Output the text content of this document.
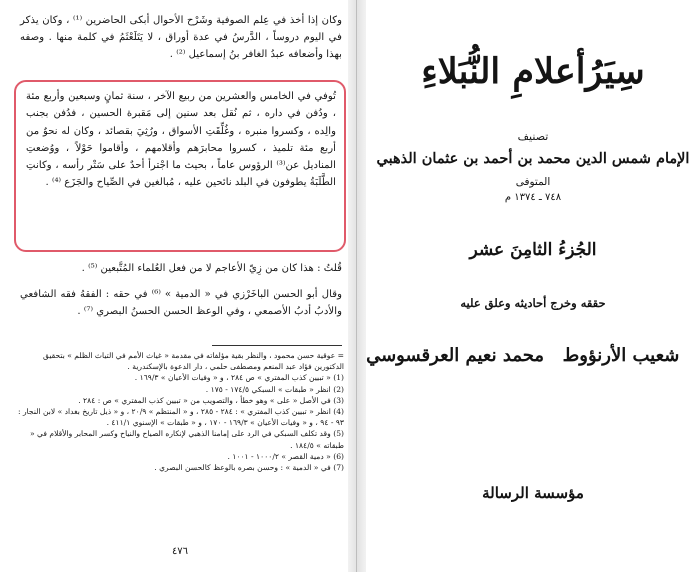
وكان إذا أخذ في عِلم الصوفية وشَرْح الأحوال أبكى الحاضرين ⁽¹⁾ ، وكان يذكر في اليوم دروساً ، الدَّرسُ في عدة أوراق ، لا يَتَلَعْثَمُ في كلمة منها . وصفه بهذا وأضعافه عبدُ الغافر بنُ إسماعيل ⁽²⁾ .
تُوفي في الخامس والعشرين من ربيع الآخر ، سنة ثمانٍ وسبعين وأربع مئة ، ودُفن في داره ، ثم نُقل بعد سنين إلى مَقبرة الحسين ، فدُفن بجنب والِده ، وكسروا منبره ، وغُلِّقَتِ الأسواق ، ورُثِيَ بقصائد ، وكان له نحوٌ من أربع مئة تلميذ ، كسروا محابرَهم وأقلامهم ، وأقاموا حَوْلاً ، ووُضعتِ المناديل عن⁽³⁾ الرؤوس عاماً ، بحيث ما اجْترأ أحدٌ على سَتْر رأسه ، وكانتِ الطَّلَبَةُ يطوفون في البلد نائحين عليه ، مُبالغين في الصِّياح والجَزَع ⁽⁴⁾ .
قُلتُ : هذا كان من زِيّ الأعاجم لا من فعل العُلماء المُتَّبعين ⁽⁵⁾ .
وقال أبو الحسن الباخَرْزي في « الدمية » ⁽⁶⁾ في حقه : الفقهُ فقه الشافعي والأدبُ أدبُ الأصمعي ، وفي الوعظ الحسن الحسنُ البصري ⁽⁷⁾ .
= عوقية حسن محمود ، والنظر بقية مؤلفاته في مقدمة « غياث الأمم في التياث الظلم » بتحقيق الدكتورين فؤاد عبد المنعم ومصطفى حلمي ، دار الدعوة بالإسكندرية .
(1) « تبيين كذب المفتري » ص ٢٨٤ ، و « وفيات الأعيان » ١٦٩/٣ .
(2) انظر « طبقات » السبكي ١٧٤/٥ - ١٧٥ .
(3) في الأصل « على » وهو خطأ ، والتصويب من « تبيين كذب المفتري » ص : ٢٨٤ .
(4) انظر « تبيين كذب المفتري » : ٢٨٤ - ٢٨٥ ، و « المنتظم » ٢٠/٩ ، و « ذيل تاريخ بغداد » لابن النجار : ٩٣ - ٩٤ ، و « وفيات الأعيان » ١٦٩/٣ - ١٧٠ ، و « طبقات » الإسنوي ٤١١/١ .
(5) وقد تكلف السبكي في الرد على إمامنا الذهبي لإنكاره الصياح والنياح وكسر المحابر والأقلام في « طبقاته » ١٨٤/٥ .
(6) « دمية القصر » ١٠٠٠/٢ - ١٠٠١ .
(7) في « الدمية » : وحسن بصره بالوعظ كالحسن البصري .
٤٧٦
سِيَرُأعلامِ النُّبَلاءِ
تصنيف
الإمام شمس الدين محمد بن أحمد بن عثمان الذهبي
المتوفى
٧٤٨ ـ ١٣٧٤ م
الجُزءُ الثامِنَ عشر
حققه وخرج أحاديثه وعلق عليه
شعيب الأرنؤوط
محمد نعيم العرقسوسي
مؤسسة الرسالة
